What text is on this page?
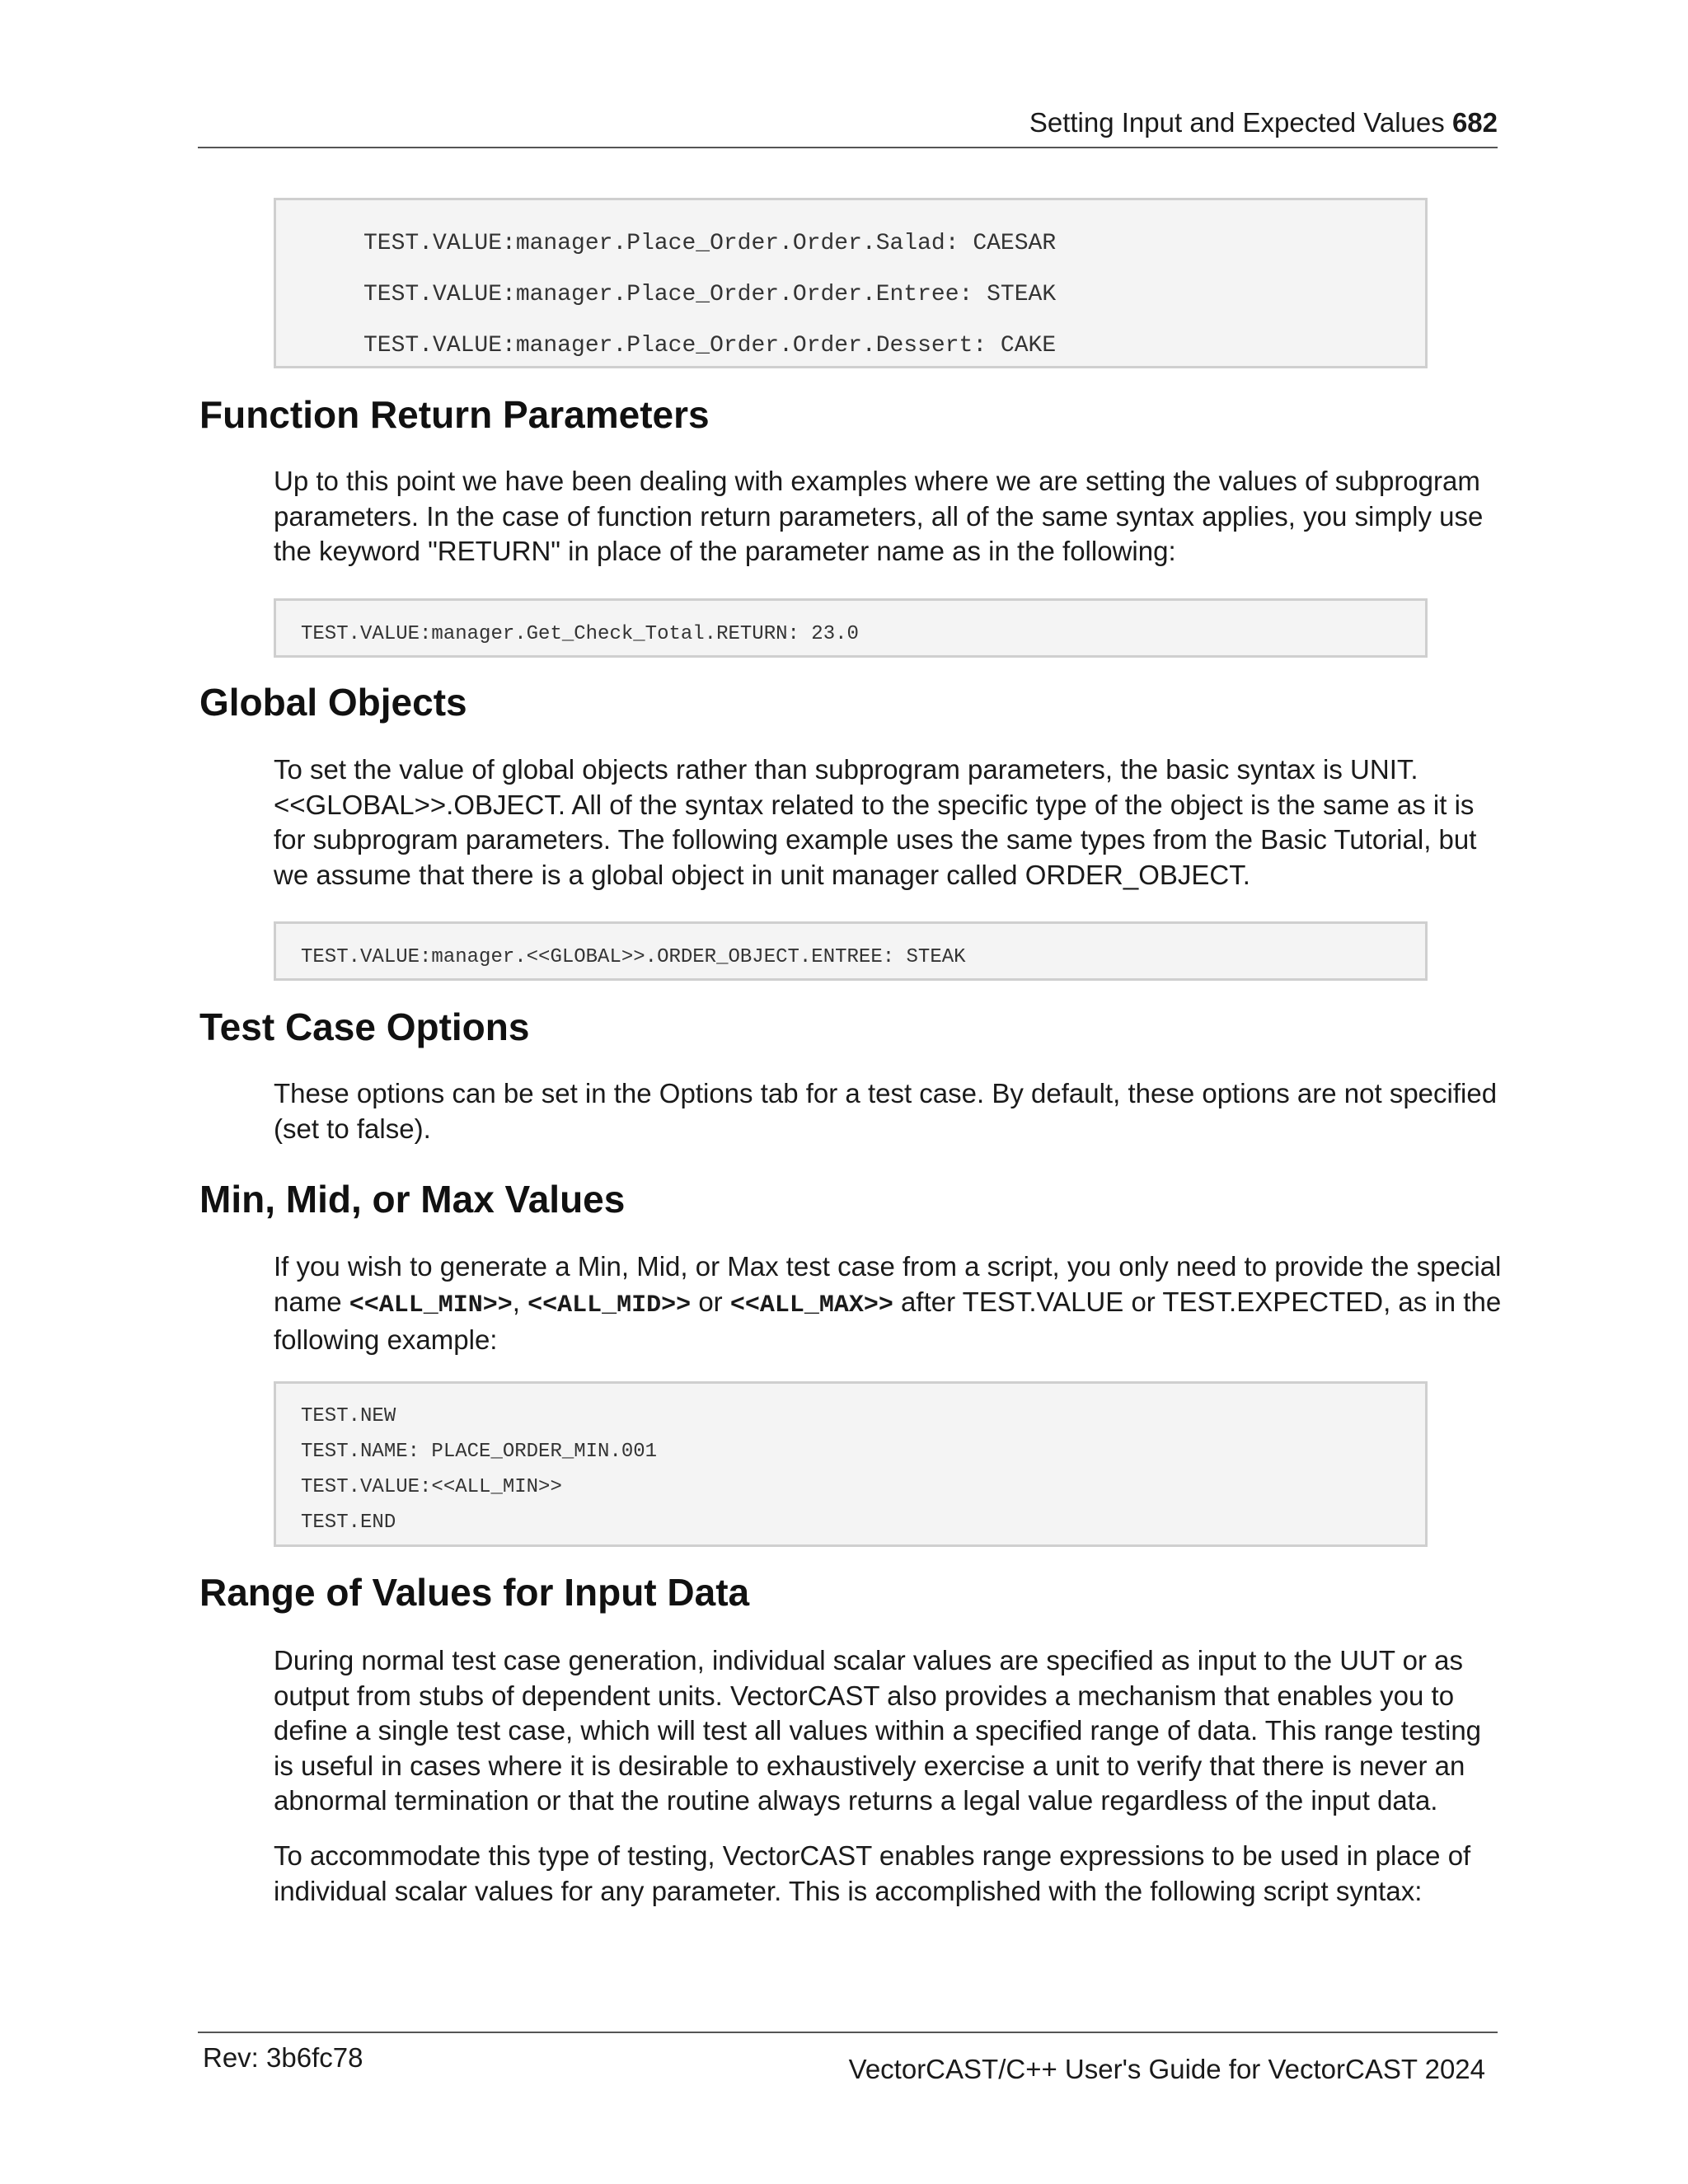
Setting Input and Expected Values 682
TEST.VALUE:manager.Place_Order.Order.Salad: CAESAR
TEST.VALUE:manager.Place_Order.Order.Entree: STEAK
TEST.VALUE:manager.Place_Order.Order.Dessert: CAKE
Function Return Parameters

Up to this point we have been dealing with examples where we are setting the values of subprogram parameters. In the case of function return parameters, all of the same syntax applies, you simply use the keyword "RETURN" in place of the parameter name as in the following:

TEST.VALUE:manager.Get_Check_Total.RETURN: 23.0
Global Objects

To set the value of global objects rather than subprogram parameters, the basic syntax is UNIT.<<GLOBAL>>.OBJECT. All of the syntax related to the specific type of the object is the same as it is for subprogram parameters. The following example uses the same types from the Basic Tutorial, but we assume that there is a global object in unit manager called ORDER_OBJECT.

TEST.VALUE:manager.<<GLOBAL>>.ORDER_OBJECT.ENTREE: STEAK
Test Case Options

These options can be set in the Options tab for a test case. By default, these options are not specified (set to false).

Min, Mid, or Max Values

If you wish to generate a Min, Mid, or Max test case from a script, you only need to provide the special name <<ALL_MIN>>, <<ALL_MID>> or <<ALL_MAX>> after TEST.VALUE or TEST.EXPECTED, as in the following example:

TEST.NEW
TEST.NAME: PLACE_ORDER_MIN.001
TEST.VALUE:<<ALL_MIN>>
TEST.END
Range of Values for Input Data

During normal test case generation, individual scalar values are specified as input to the UUT or as output from stubs of dependent units. VectorCAST also provides a mechanism that enables you to define a single test case, which will test all values within a specified range of data. This range testing is useful in cases where it is desirable to exhaustively exercise a unit to verify that there is never an abnormal termination or that the routine always returns a legal value regardless of the input data.

To accommodate this type of testing, VectorCAST enables range expressions to be used in place of individual scalar values for any parameter. This is accomplished with the following script syntax:

Rev: 3b6fc78	VectorCAST/C++ User's Guide for VectorCAST 2024
